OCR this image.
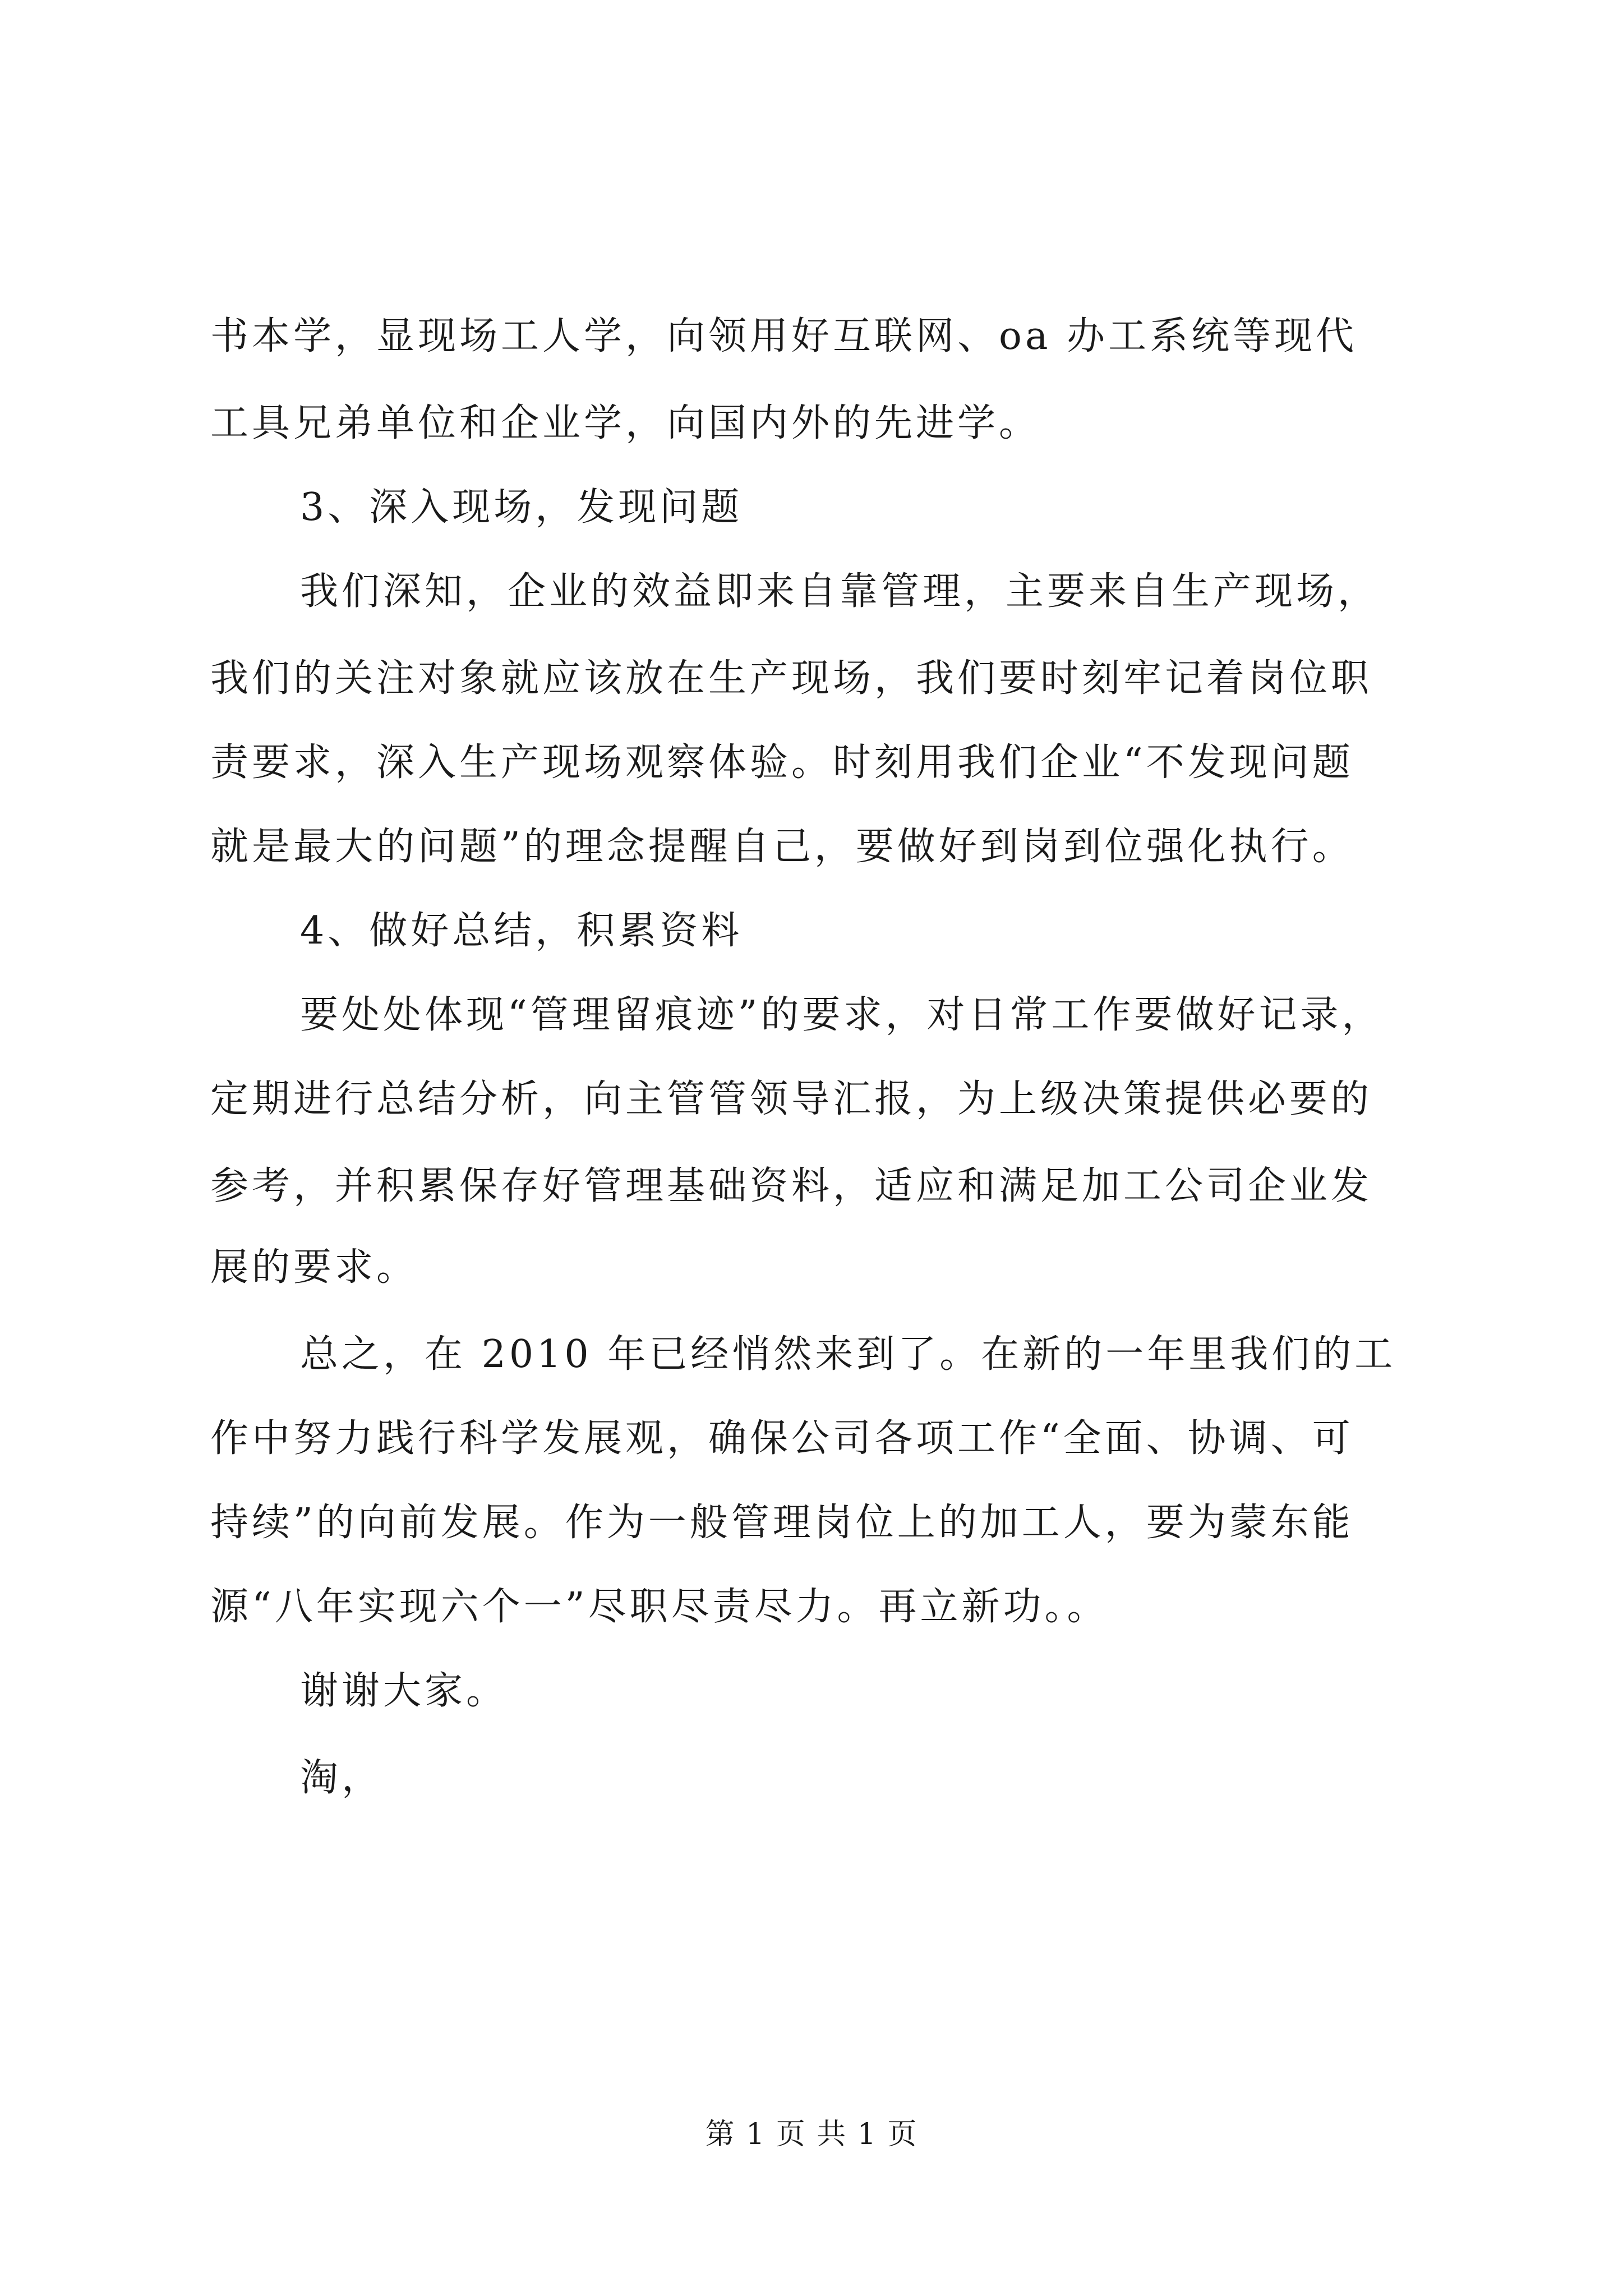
书本学，显现场工人学，向领用好互联网、oa 办工系统等现代
工具兄弟单位和企业学，向国内外的先进学。
3、深入现场，发现问题
我们深知，企业的效益即来自靠管理，主要来自生产现场，
我们的关注对象就应该放在生产现场，我们要时刻牢记着岗位职
责要求，深入生产现场观察体验。时刻用我们企业“不发现问题
就是最大的问题”的理念提醒自己，要做好到岗到位强化执行。
4、做好总结，积累资料
要处处体现“管理留痕迹”的要求，对日常工作要做好记录，
定期进行总结分析，向主管管领导汇报，为上级决策提供必要的
参考，并积累保存好管理基础资料，适应和满足加工公司企业发
展的要求。
总之，在 2010 年已经悄然来到了。在新的一年里我们的工
作中努力践行科学发展观，确保公司各项工作“全面、协调、可
持续”的向前发展。作为一般管理岗位上的加工人，要为蒙东能
源“八年实现六个一”尽职尽责尽力。再立新功。。
谢谢大家。
淘，
第 1 页 共 1 页
